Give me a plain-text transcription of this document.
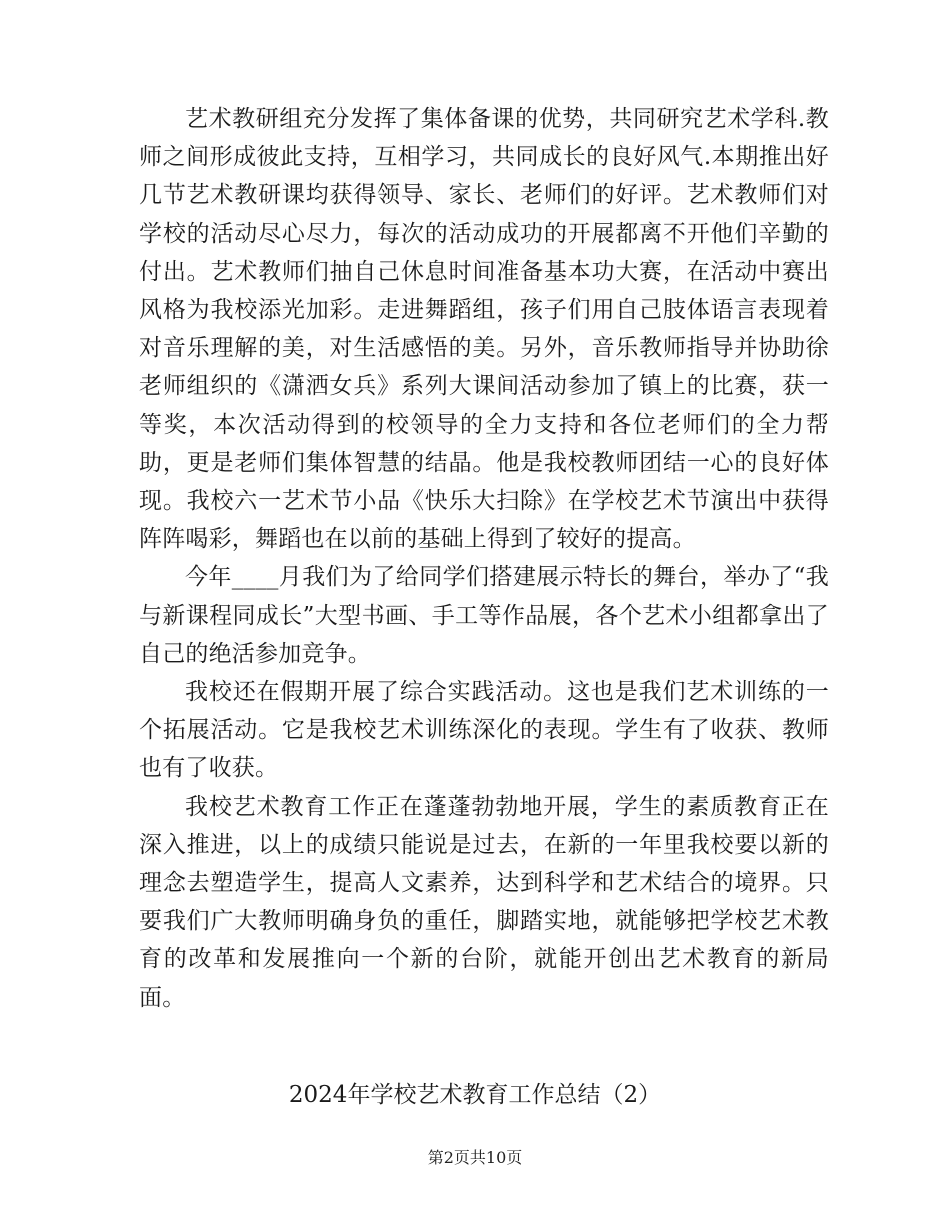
艺术教研组充分发挥了集体备课的优势，共同研究艺术学科.教师之间形成彼此支持，互相学习，共同成长的良好风气.本期推出好几节艺术教研课均获得领导、家长、老师们的好评。艺术教师们对学校的活动尽心尽力，每次的活动成功的开展都离不开他们辛勤的付出。艺术教师们抽自己休息时间准备基本功大赛，在活动中赛出风格为我校添光加彩。走进舞蹈组，孩子们用自己肢体语言表现着对音乐理解的美，对生活感悟的美。另外，音乐教师指导并协助徐老师组织的《潇洒女兵》系列大课间活动参加了镇上的比赛，获一等奖，本次活动得到的校领导的全力支持和各位老师们的全力帮助，更是老师们集体智慧的结晶。他是我校教师团结一心的良好体现。我校六一艺术节小品《快乐大扫除》在学校艺术节演出中获得阵阵喝彩，舞蹈也在以前的基础上得到了较好的提高。

今年____月我们为了给同学们搭建展示特长的舞台，举办了“我与新课程同成长”大型书画、手工等作品展，各个艺术小组都拿出了自己的绝活参加竞争。

我校还在假期开展了综合实践活动。这也是我们艺术训练的一个拓展活动。它是我校艺术训练深化的表现。学生有了收获、教师也有了收获。

我校艺术教育工作正在蓬蓬勃勃地开展，学生的素质教育正在深入推进，以上的成绩只能说是过去，在新的一年里我校要以新的理念去塑造学生，提高人文素养，达到科学和艺术结合的境界。只要我们广大教师明确身负的重任，脚踏实地，就能够把学校艺术教育的改革和发展推向一个新的台阶，就能开创出艺术教育的新局面。

2024年学校艺术教育工作总结（2）
第2页共10页
